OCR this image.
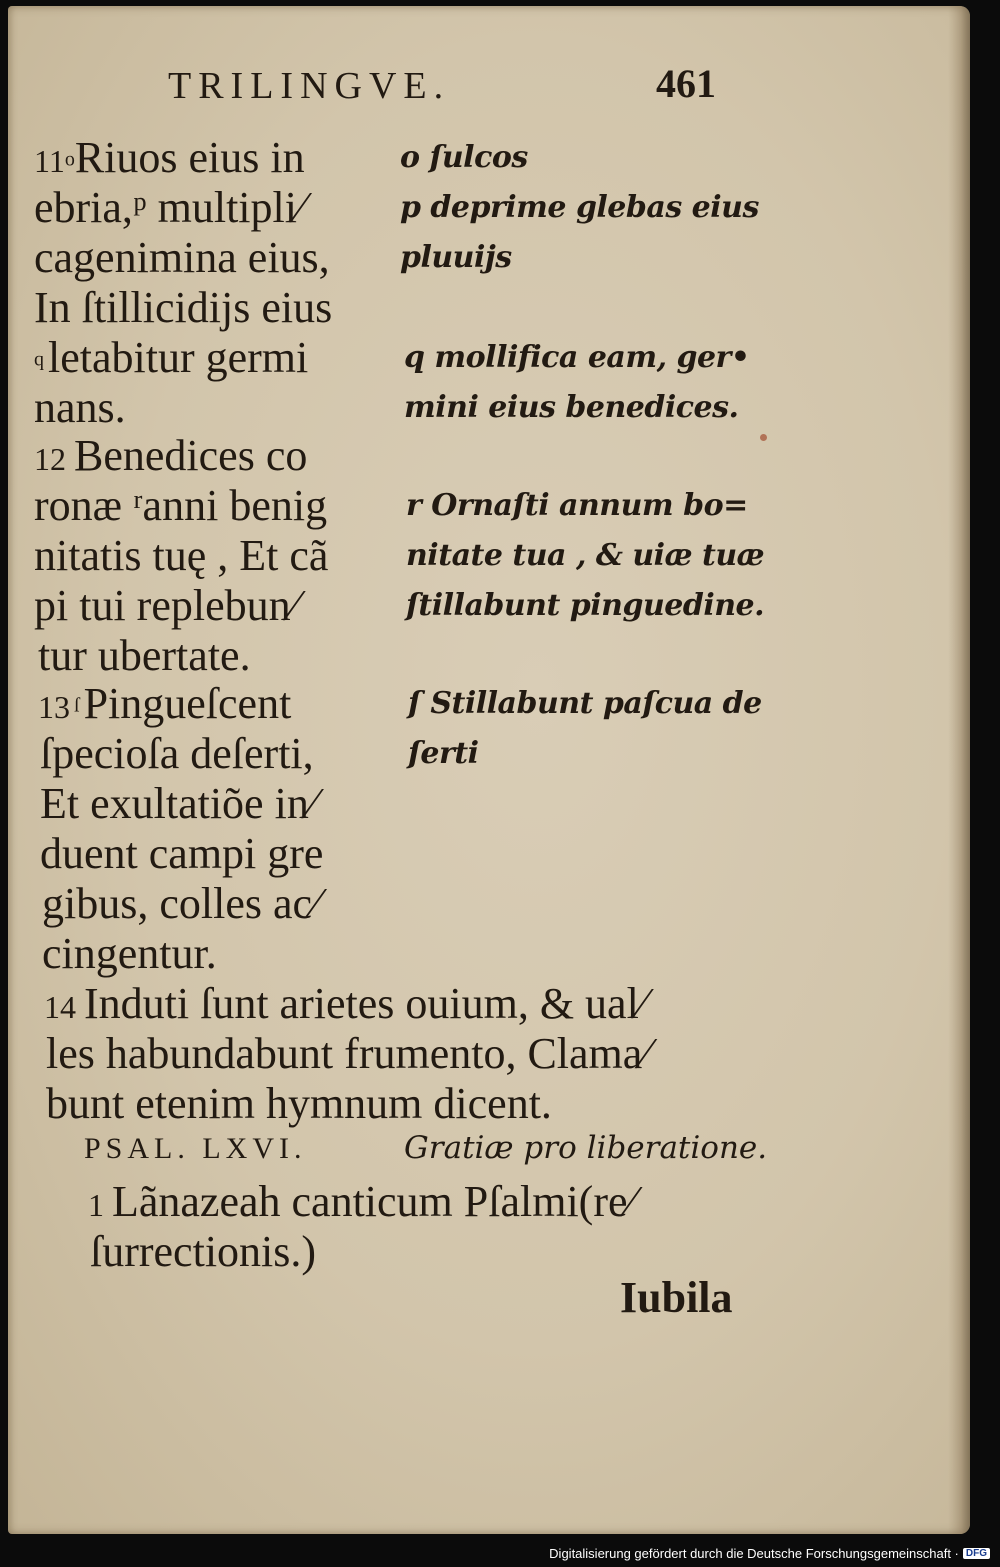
TRILINGVE.	461
11oRiuos eius in
ebria,ᵖ multipli⁄
cagenimina eius,
In ſtillicidijs eius
q letabitur germi
nans.
12 Benedices co
ronæ ʳanni benig
nitatis tuę , Et cã
pi tui replebun⁄
tur ubertate.
13 ſ Pingueſcent
ſpecioſa deſerti,
Et exultatiõe in⁄
duent campi gre
gibus, colles ac⁄
cingentur.
o ſulcos
p deprime glebas eius
pluuijs
q mollifica eam, ger•
mini eius benedices.
r Ornaſti annum bo=
nitate tua , & uiæ tuæ
ſtillabunt pinguedine.
ſ Stillabunt paſcua de
ſerti
14 Induti ſunt arietes ouium, & ual⁄
les habundabunt frumento, Clama⁄
bunt etenim hymnum dicent.
PSAL. LXVI.	Gratiæ pro liberatione.
1 Lãnazeah canticum Pſalmi(re⁄
ſurrectionis.)
Iubila
Digitalisierung gefördert durch die Deutsche Forschungsgemeinschaft · DFG
